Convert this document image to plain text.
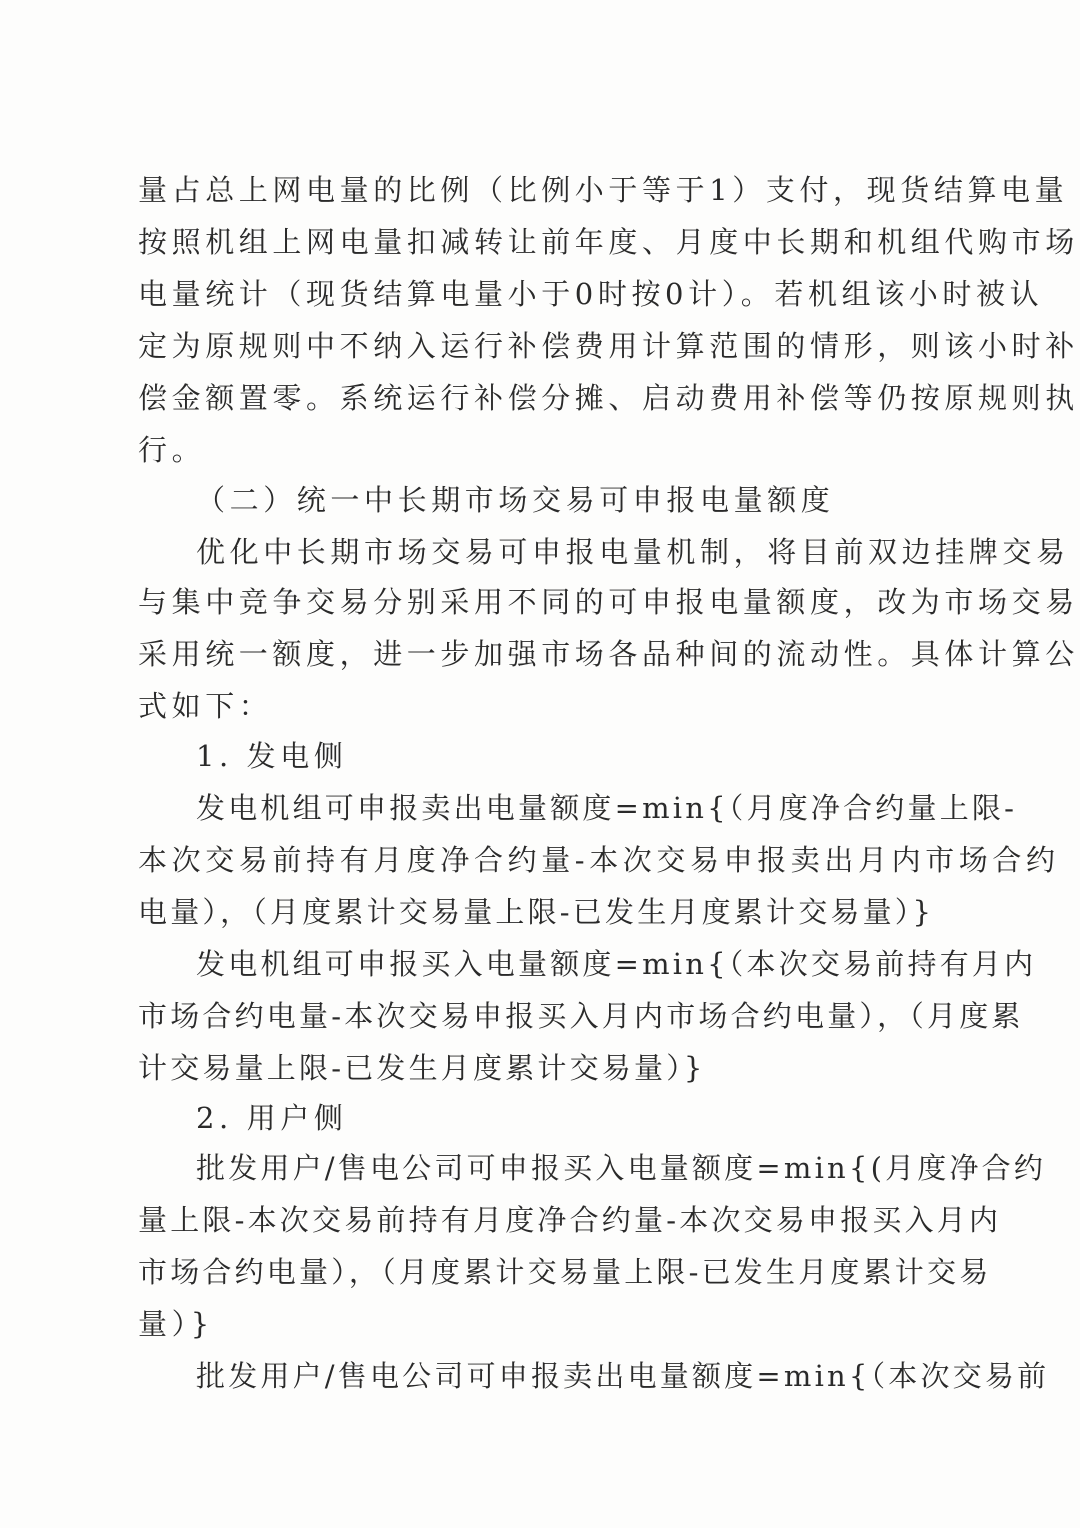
量占总上网电量的比例（比例小于等于1）支付，现货结算电量
按照机组上网电量扣减转让前年度、月度中长期和机组代购市场
电量统计（现货结算电量小于0时按0计）。若机组该小时被认
定为原规则中不纳入运行补偿费用计算范围的情形，则该小时补
偿金额置零。系统运行补偿分摊、启动费用补偿等仍按原规则执
行。
（二）统一中长期市场交易可申报电量额度
优化中长期市场交易可申报电量机制，将目前双边挂牌交易
与集中竞争交易分别采用不同的可申报电量额度，改为市场交易
采用统一额度，进一步加强市场各品种间的流动性。具体计算公
式如下：
1. 发电侧
发电机组可申报卖出电量额度=min{（月度净合约量上限-
本次交易前持有月度净合约量-本次交易申报卖出月内市场合约
电量），（月度累计交易量上限-已发生月度累计交易量）}
发电机组可申报买入电量额度=min{（本次交易前持有月内
市场合约电量-本次交易申报买入月内市场合约电量），（月度累
计交易量上限-已发生月度累计交易量）}
2. 用户侧
批发用户/售电公司可申报买入电量额度=min{(月度净合约
量上限-本次交易前持有月度净合约量-本次交易申报买入月内
市场合约电量），（月度累计交易量上限-已发生月度累计交易
量）}
批发用户/售电公司可申报卖出电量额度=min{（本次交易前
